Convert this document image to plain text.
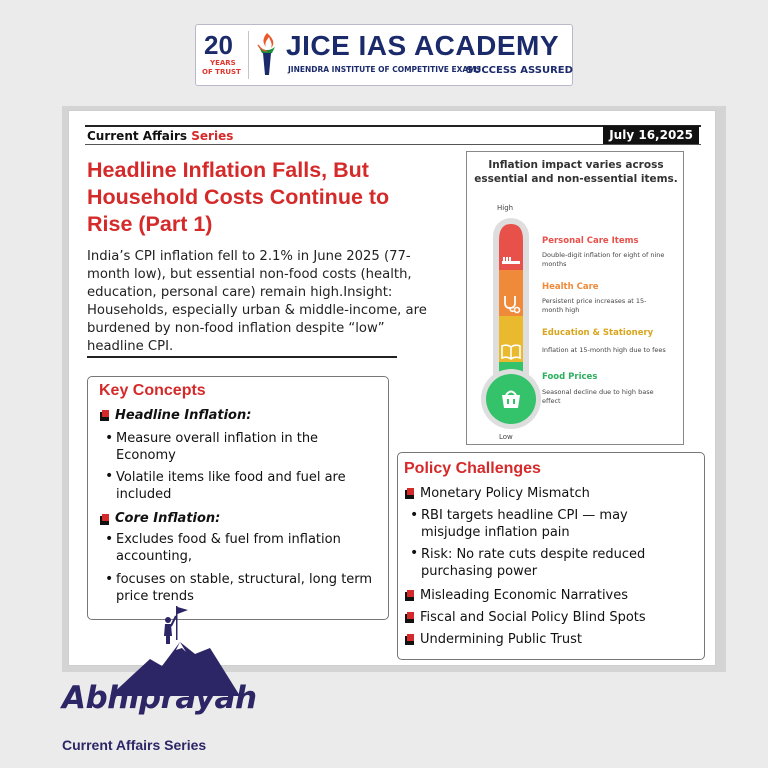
20
YEARS
OF TRUST
JICE IAS ACADEMY
JINENDRA INSTITUTE OF COMPETITIVE EXAMS
SUCCESS ASSURED
Current Affairs Series	July 16,2025
Headline Inflation Falls, But Household Costs Continue to Rise (Part 1)
India’s CPI inflation fell to 2.1% in June 2025 (77-month low), but essential non-food costs (health, education, personal care) remain high.Insight: Households, especially urban & middle-income, are burdened by non-food inflation despite “low” headline CPI.
Inflation impact varies across essential and non-essential items.
High
Low
Personal Care Items
Double-digit inflation for eight of nine months
Health Care
Persistent price increases at 15-month high
Education & Stationery
Inflation at 15-month high due to fees
Food Prices
Seasonal decline due to high base effect
Key Concepts
Headline Inflation:
• Measure overall inflation in the Economy
• Volatile items like food and fuel are included
Core Inflation:
• Excludes food & fuel from inflation accounting,
• focuses on stable, structural, long term price trends
Policy Challenges
Monetary Policy Mismatch
• RBI targets headline CPI — may misjudge inflation pain
• Risk: No rate cuts despite reduced purchasing power
Misleading Economic Narratives
Fiscal and Social Policy Blind Spots
Undermining Public Trust
Abhiprayah
Current Affairs Series
